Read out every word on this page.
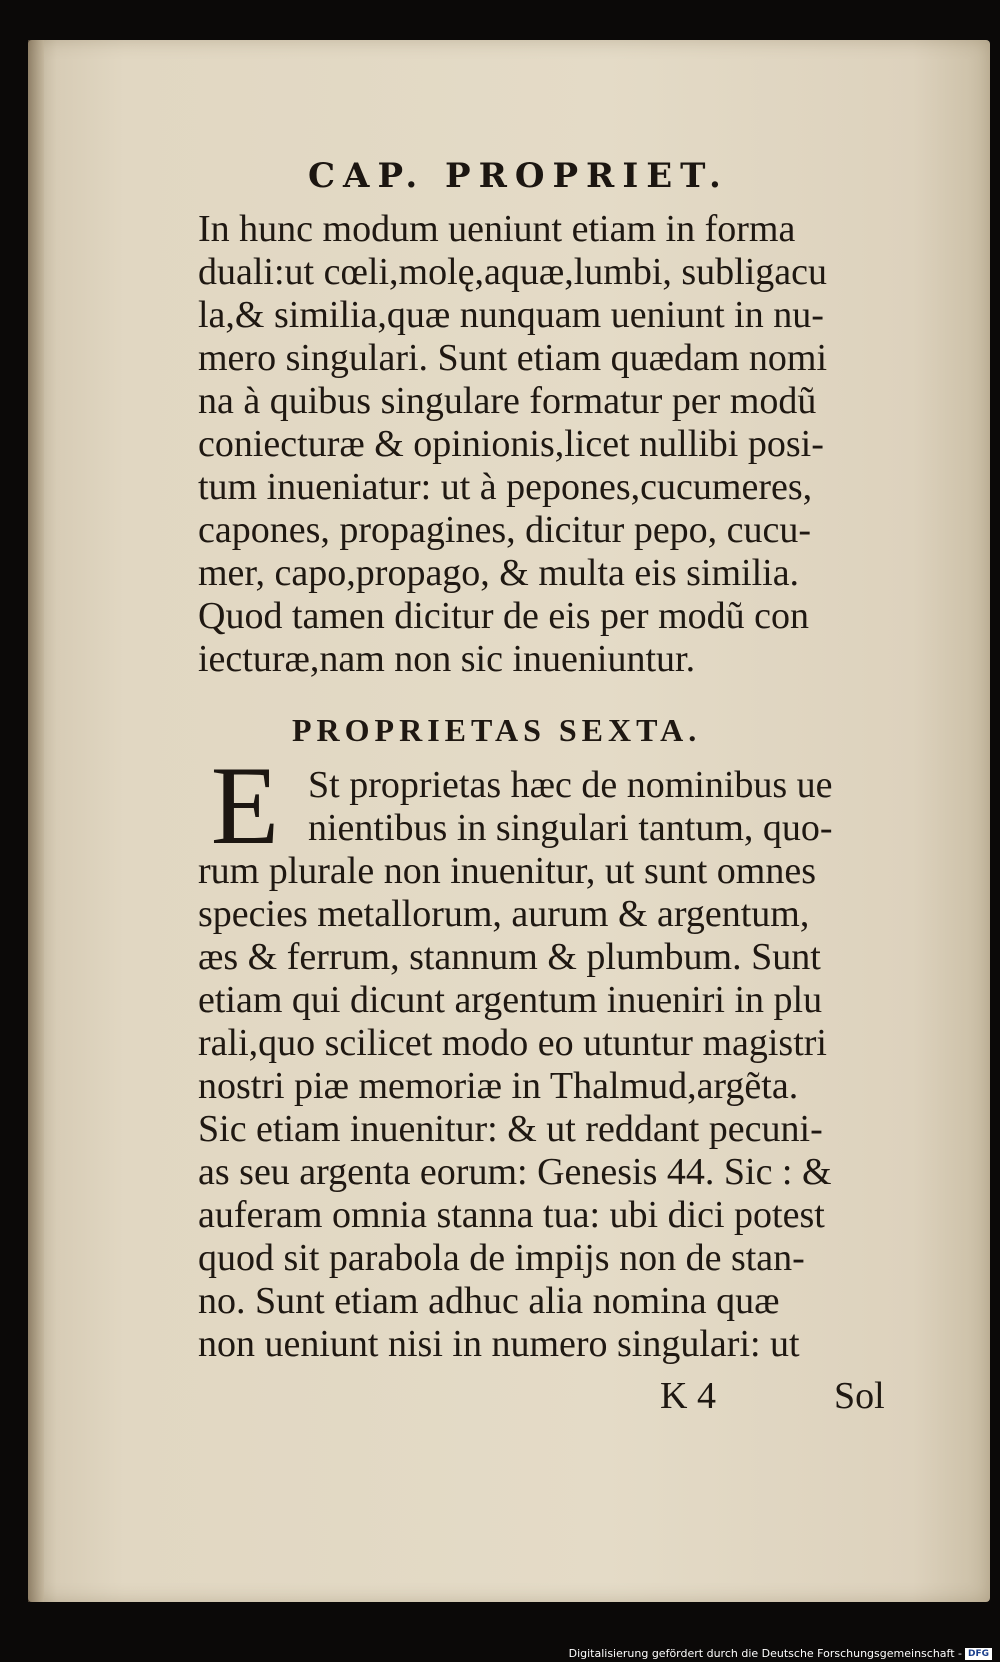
CAP. PROPRIET.
In hunc modum ueniunt etiam in forma
duali:ut cœli,molę,aquæ,lumbi, subligacu
la,& similia,quæ nunquam ueniunt in nu-
mero singulari. Sunt etiam quædam nomi
na à quibus singulare formatur per modũ
coniecturæ & opinionis,licet nullibi posi-
tum inueniatur: ut à pepones,cucumeres,
capones, propagines, dicitur pepo, cucu-
mer, capo,propago, & multa eis similia.
Quod tamen dicitur de eis per modũ con
iecturæ,nam non sic inueniuntur.
PROPRIETAS SEXTA.
E St proprietas hæc de nominibus ue
nientibus in singulari tantum, quo-
rum plurale non inuenitur, ut sunt omnes
species metallorum, aurum & argentum,
æs & ferrum, stannum & plumbum. Sunt
etiam qui dicunt argentum inueniri in plu
rali,quo scilicet modo eo utuntur magistri
nostri piæ memoriæ in Thalmud,argẽta.
Sic etiam inuenitur: & ut reddant pecuni-
as seu argenta eorum: Genesis 44. Sic : &
auferam omnia stanna tua: ubi dici potest
quod sit parabola de impijs non de stan-
no. Sunt etiam adhuc alia nomina quæ
non ueniunt nisi in numero singulari: ut
K 4	Sol
Digitalisierung gefördert durch die Deutsche Forschungsgemeinschaft - DFG
